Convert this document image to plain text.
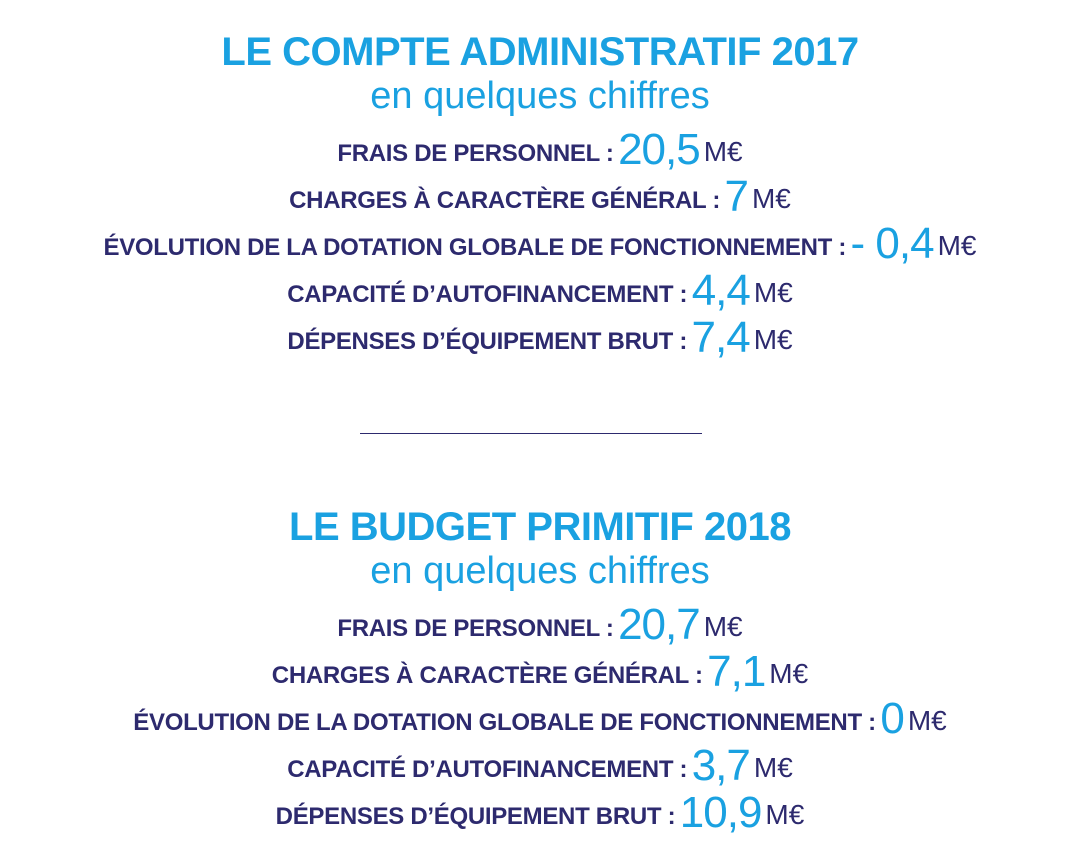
LE COMPTE ADMINISTRATIF 2017
en quelques chiffres
FRAIS DE PERSONNEL : 20,5 M€
CHARGES À CARACTÈRE GÉNÉRAL : 7 M€
ÉVOLUTION DE LA DOTATION GLOBALE DE FONCTIONNEMENT : - 0,4 M€
CAPACITÉ D’AUTOFINANCEMENT : 4,4 M€
DÉPENSES D’ÉQUIPEMENT BRUT : 7,4 M€
LE BUDGET PRIMITIF 2018
en quelques chiffres
FRAIS DE PERSONNEL : 20,7 M€
CHARGES À CARACTÈRE GÉNÉRAL : 7,1 M€
ÉVOLUTION DE LA DOTATION GLOBALE DE FONCTIONNEMENT : 0 M€
CAPACITÉ D’AUTOFINANCEMENT : 3,7 M€
DÉPENSES D’ÉQUIPEMENT BRUT : 10,9 M€
